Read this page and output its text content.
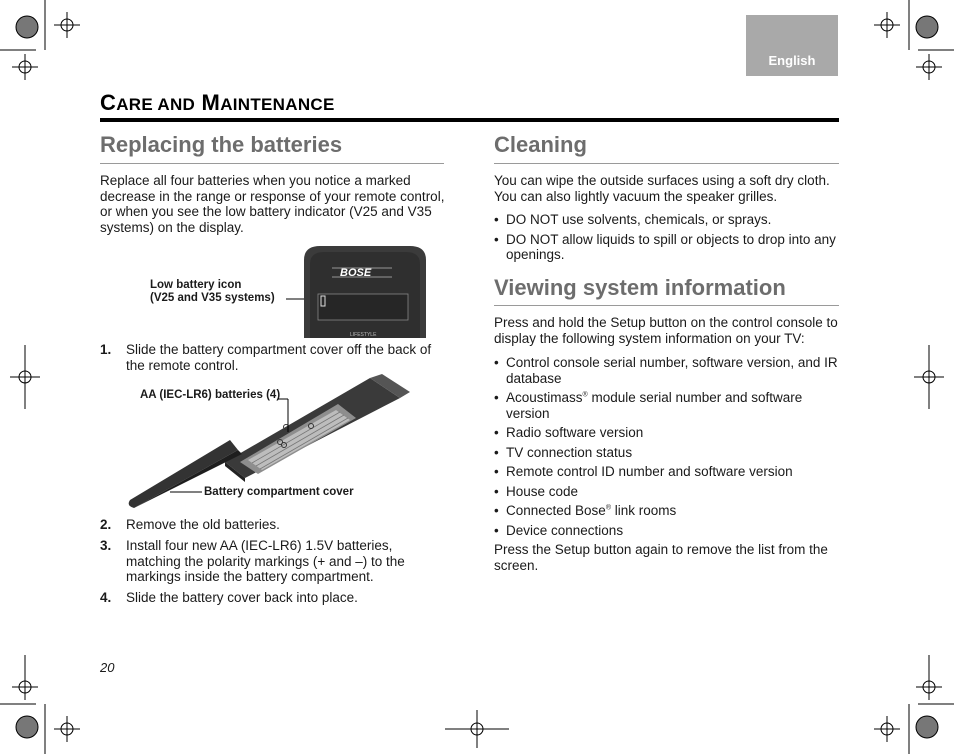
English
CARE AND MAINTENANCE
Replacing the batteries

Replace all four batteries when you notice a marked decrease in the range or response of your remote control, or when you see the low battery indicator (V25 and V35 systems) on the display.

Low battery icon
(V25 and V35 systems)
BOSE
LIFESTYLE
1. Slide the battery compartment cover off the back of the remote control.

AA (IEC-LR6) batteries (4)
Battery compartment cover
2. Remove the old batteries.

3. Install four new AA (IEC-LR6) 1.5V batteries, matching the polarity markings (+ and –) to the markings inside the battery compartment.

4. Slide the battery cover back into place.

Cleaning

You can wipe the outside surfaces using a soft dry cloth. You can also lightly vacuum the speaker grilles.

• DO NOT use solvents, chemicals, or sprays.
• DO NOT allow liquids to spill or objects to drop into any openings.
Viewing system information

Press and hold the Setup button on the control console to display the following system information on your TV:

• Control console serial number, software version, and IR database
• Acoustimass® module serial number and software version
• Radio software version
• TV connection status
• Remote control ID number and software version
• House code
• Connected Bose® link rooms
• Device connections

Press the Setup button again to remove the list from the screen.

20
